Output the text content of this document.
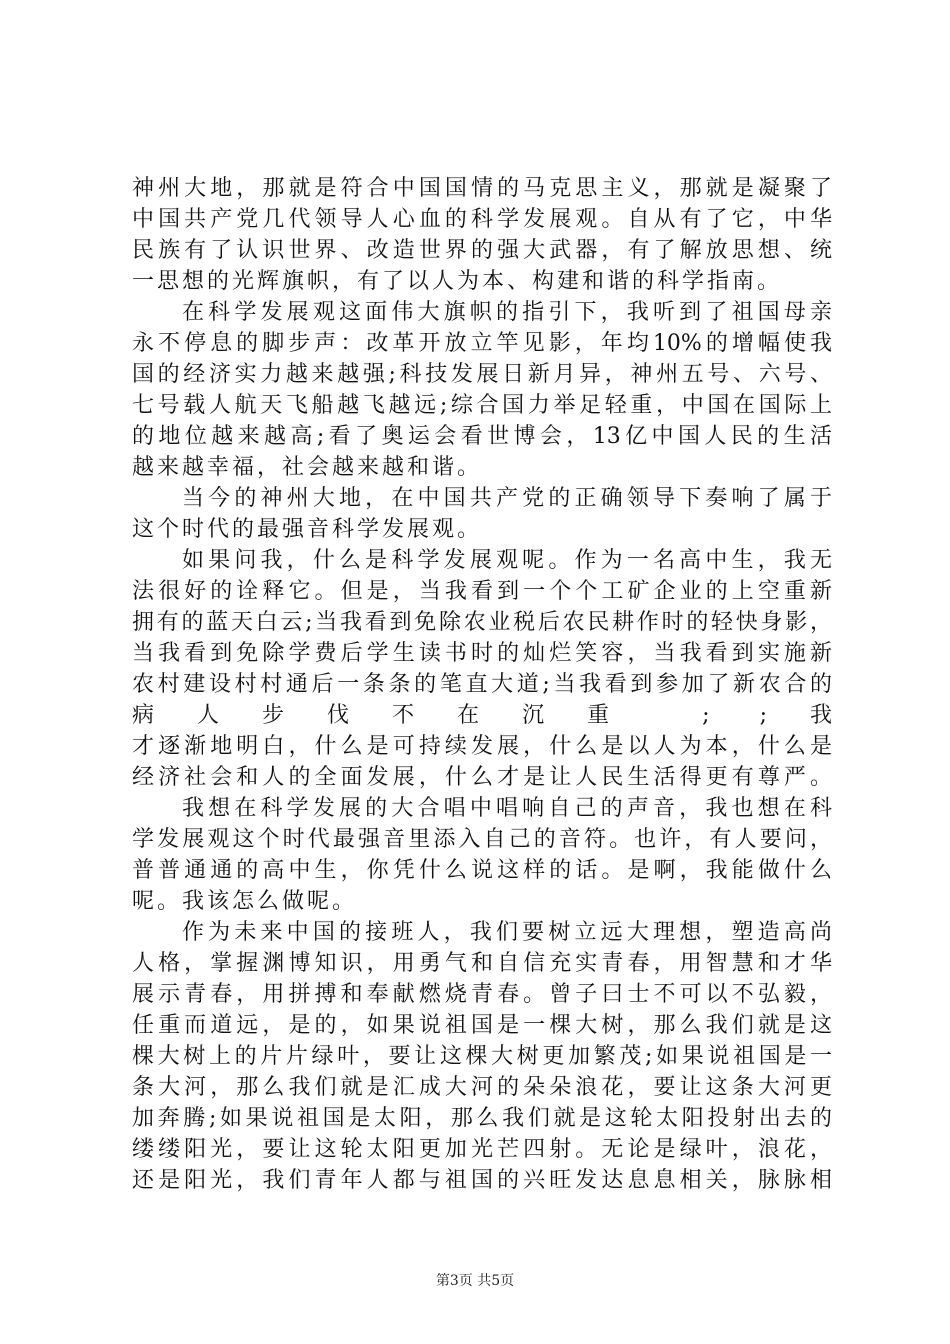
神州大地，那就是符合中国国情的马克思主义，那就是凝聚了
中国共产党几代领导人心血的科学发展观。自从有了它，中华
民族有了认识世界、改造世界的强大武器，有了解放思想、统
一思想的光辉旗帜，有了以人为本、构建和谐的科学指南。
在科学发展观这面伟大旗帜的指引下，我听到了祖国母亲
永不停息的脚步声：改革开放立竿见影，年均10%的增幅使我
国的经济实力越来越强;科技发展日新月异，神州五号、六号、
七号载人航天飞船越飞越远;综合国力举足轻重，中国在国际上
的地位越来越高;看了奥运会看世博会，13亿中国人民的生活
越来越幸福，社会越来越和谐。
当今的神州大地，在中国共产党的正确领导下奏响了属于
这个时代的最强音科学发展观。
如果问我，什么是科学发展观呢。作为一名高中生，我无
法很好的诠释它。但是，当我看到一个个工矿企业的上空重新
拥有的蓝天白云;当我看到免除农业税后农民耕作时的轻快身影，
当我看到免除学费后学生读书时的灿烂笑容，当我看到实施新
农村建设村村通后一条条的笔直大道;当我看到参加了新农合的
病人步伐不在沉重 ; ;我
才逐渐地明白，什么是可持续发展，什么是以人为本，什么是
经济社会和人的全面发展，什么才是让人民生活得更有尊严。
我想在科学发展的大合唱中唱响自己的声音，我也想在科
学发展观这个时代最强音里添入自己的音符。也许，有人要问，
普普通通的高中生，你凭什么说这样的话。是啊，我能做什么
呢。我该怎么做呢。
作为未来中国的接班人，我们要树立远大理想，塑造高尚
人格，掌握渊博知识，用勇气和自信充实青春，用智慧和才华
展示青春，用拼搏和奉献燃烧青春。曾子曰士不可以不弘毅，
任重而道远，是的，如果说祖国是一棵大树，那么我们就是这
棵大树上的片片绿叶，要让这棵大树更加繁茂;如果说祖国是一
条大河，那么我们就是汇成大河的朵朵浪花，要让这条大河更
加奔腾;如果说祖国是太阳，那么我们就是这轮太阳投射出去的
缕缕阳光，要让这轮太阳更加光芒四射。无论是绿叶，浪花，
还是阳光，我们青年人都与祖国的兴旺发达息息相关，脉脉相
第3页 共5页
